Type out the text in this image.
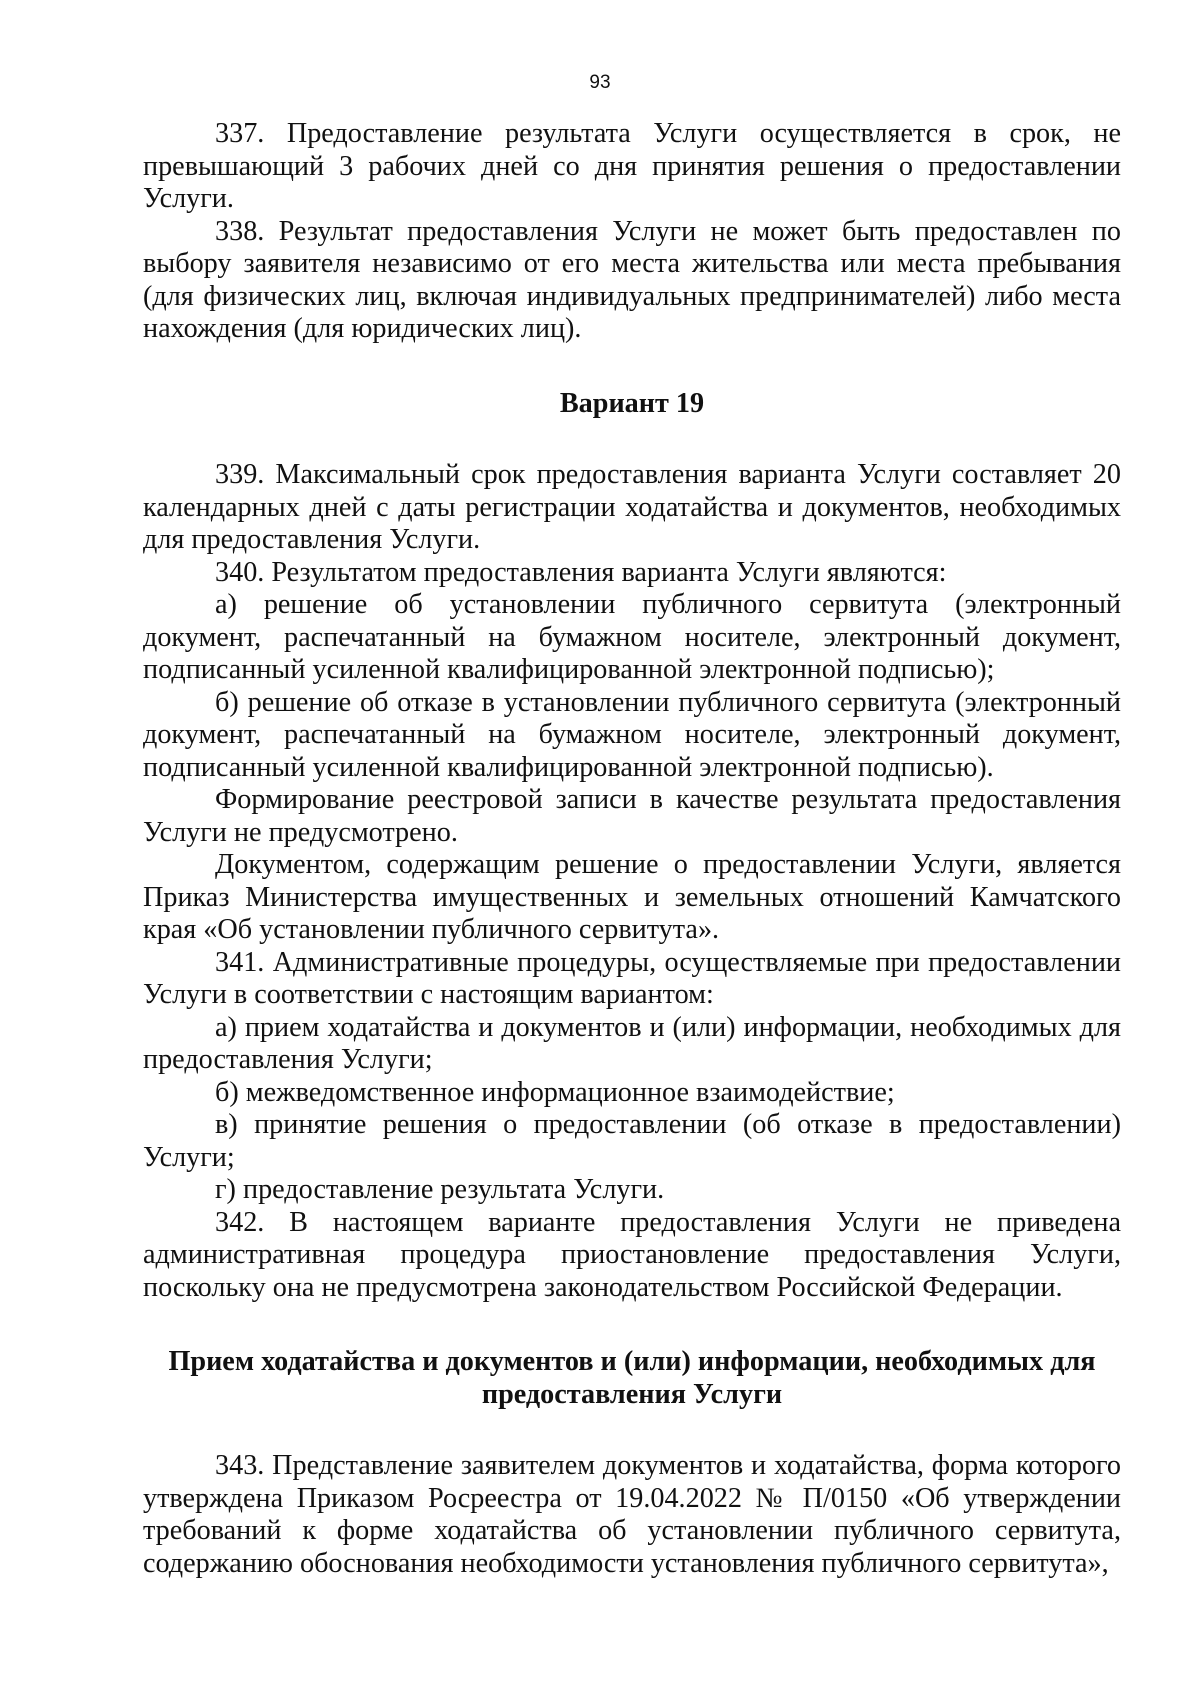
93

337. Предоставление результата Услуги осуществляется в срок, не превышающий 3 рабочих дней со дня принятия решения о предоставлении Услуги.

338. Результат предоставления Услуги не может быть предоставлен по выбору заявителя независимо от его места жительства или места пребывания (для физических лиц, включая индивидуальных предпринимателей) либо места нахождения (для юридических лиц).

Вариант 19

339. Максимальный срок предоставления варианта Услуги составляет 20 календарных дней с даты регистрации ходатайства и документов, необходимых для предоставления Услуги.

340. Результатом предоставления варианта Услуги являются:

а) решение об установлении публичного сервитута (электронный документ, распечатанный на бумажном носителе, электронный документ, подписанный усиленной квалифицированной электронной подписью);

б) решение об отказе в установлении публичного сервитута (электронный документ, распечатанный на бумажном носителе, электронный документ, подписанный усиленной квалифицированной электронной подписью).

Формирование реестровой записи в качестве результата предоставления Услуги не предусмотрено.

Документом, содержащим решение о предоставлении Услуги, является Приказ Министерства имущественных и земельных отношений Камчатского края «Об установлении публичного сервитута».

341. Административные процедуры, осуществляемые при предоставлении Услуги в соответствии с настоящим вариантом:

а) прием ходатайства и документов и (или) информации, необходимых для предоставления Услуги;

б) межведомственное информационное взаимодействие;

в) принятие решения о предоставлении (об отказе в предоставлении) Услуги;

г) предоставление результата Услуги.

342. В настоящем варианте предоставления Услуги не приведена административная процедура приостановление предоставления Услуги, поскольку она не предусмотрена законодательством Российской Федерации.

Прием ходатайства и документов и (или) информации, необходимых для предоставления Услуги

343. Представление заявителем документов и ходатайства, форма которого утверждена Приказом Росреестра от 19.04.2022 № П/0150 «Об утверждении требований к форме ходатайства об установлении публичного сервитута, содержанию обоснования необходимости установления публичного сервитута»,
